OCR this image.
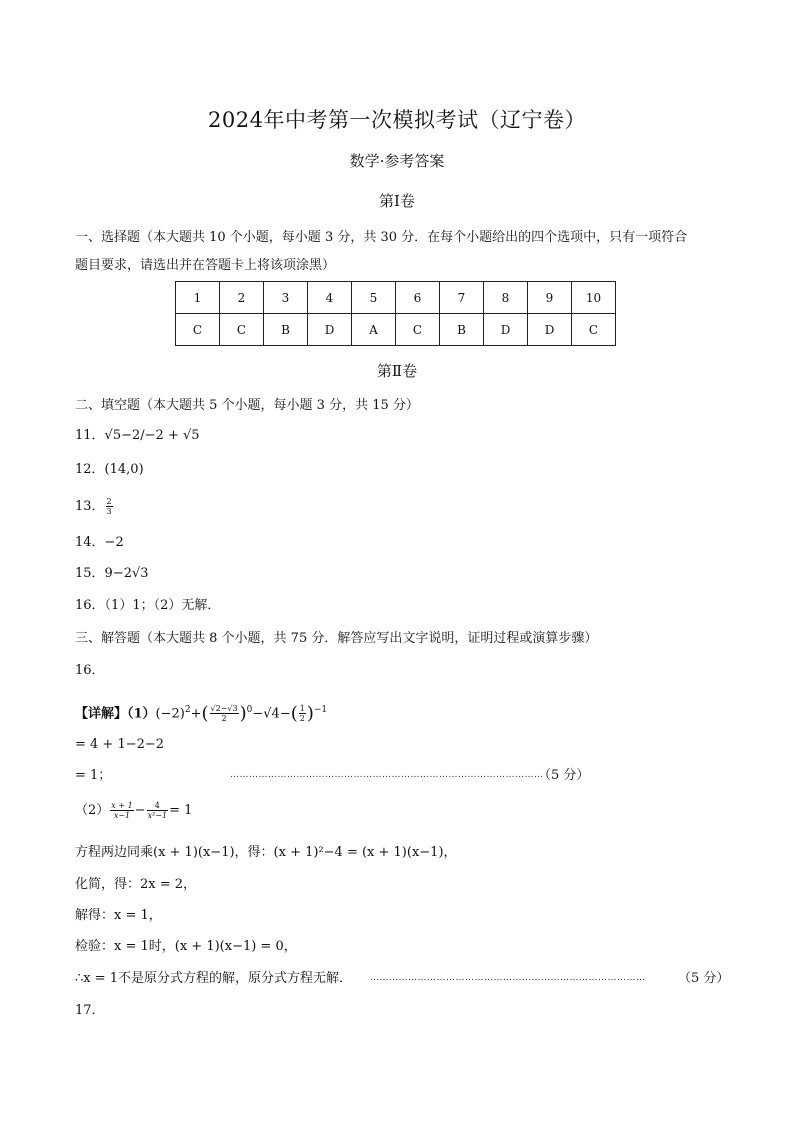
2024年中考第一次模拟考试（辽宁卷）
数学·参考答案
第Ⅰ卷
一、选择题（本大题共 10 个小题，每小题 3 分，共 30 分．在每个小题给出的四个选项中，只有一项符合
题目要求，请选出并在答题卡上将该项涂黑）
1	2	3	4	5	6	7	8	9	10
C	C	B	D	A	C	B	D	D	C
第Ⅱ卷
二、填空题（本大题共 5 个小题，每小题 3 分，共 15 分）
11．√5−2/−2 + √5
12．(14,0)
13． $\frac{2}{3}$
14．−2
15．9−2√3
16．（1）1；（2）无解．
三、解答题（本大题共 8 个小题，共 75 分．解答应写出文字说明，证明过程或演算步骤）
16．
【详解】$(1)(-2)^2+( \frac{√2-√3}{2} )^0-√4-( \frac{1}{2} )^{-1}$
= 4 + 1−2−2
= 1；	………………………………………………………………………………………
（5 分）
$(2) \frac{x + 1}{x-1} - \frac{4}{\text{x²−1}} = 1$
方程两边同乘(x + 1)(x−1)，得：(x + 1)²−4 = (x + 1)(x−1)，
化简，得：2x = 2，
解得：x = 1，
检验：x = 1时，(x + 1)(x−1) = 0，
∴x = 1不是原分式方程的解，原分式方程无解． ……………………………………………………………………………	（5 分）
17．
